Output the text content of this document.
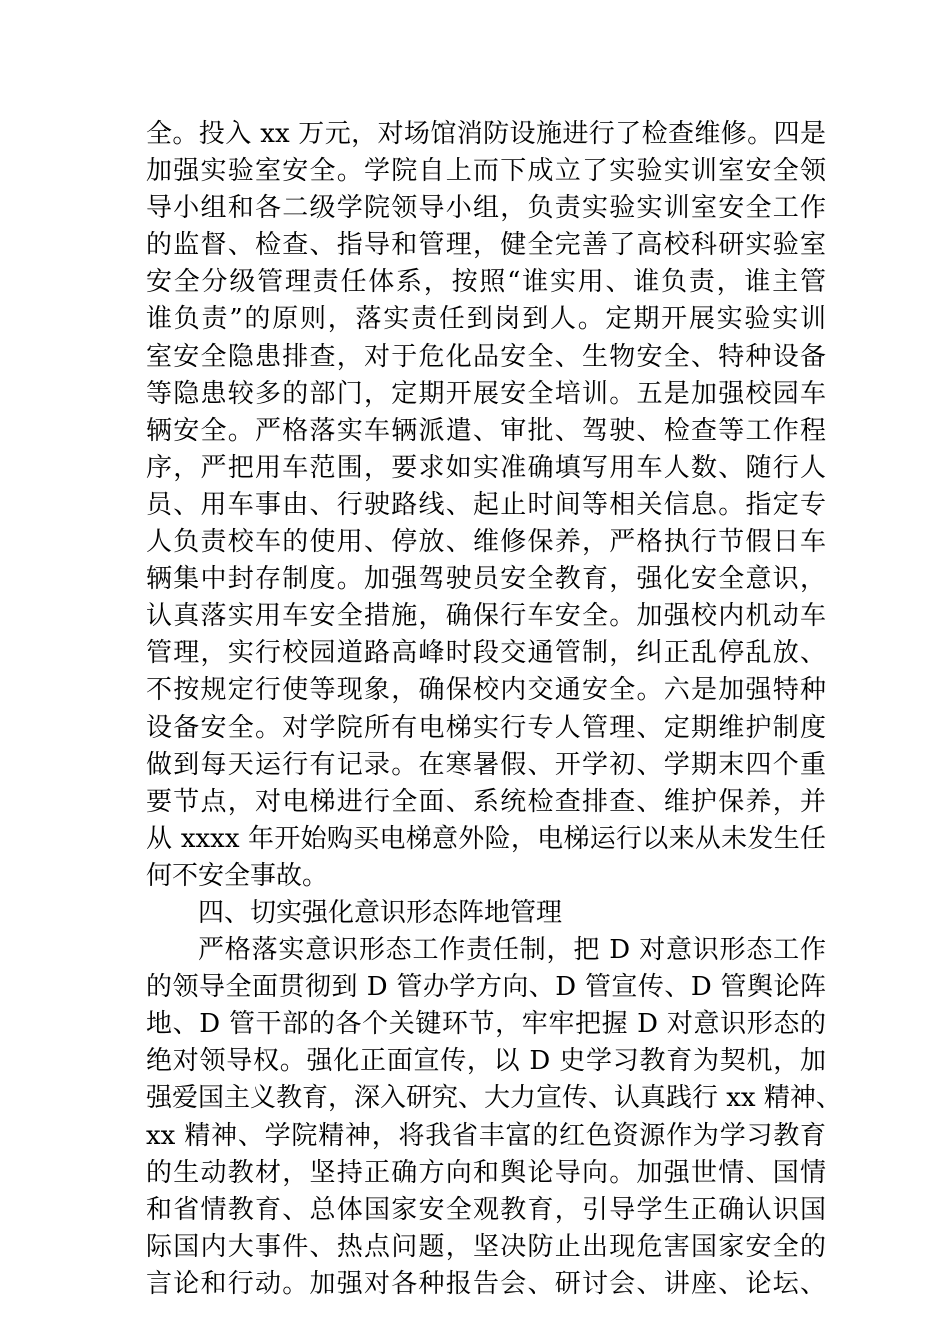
全。投入 xx 万元，对场馆消防设施进行了检查维修。四是
加强实验室安全。学院自上而下成立了实验实训室安全领
导小组和各二级学院领导小组，负责实验实训室安全工作
的监督、检查、指导和管理，健全完善了高校科研实验室
安全分级管理责任体系，按照“谁实用、谁负责，谁主管
谁负责”的原则，落实责任到岗到人。定期开展实验实训
室安全隐患排查，对于危化品安全、生物安全、特种设备
等隐患较多的部门，定期开展安全培训。五是加强校园车
辆安全。严格落实车辆派遣、审批、驾驶、检查等工作程
序，严把用车范围，要求如实准确填写用车人数、随行人
员、用车事由、行驶路线、起止时间等相关信息。指定专
人负责校车的使用、停放、维修保养，严格执行节假日车
辆集中封存制度。加强驾驶员安全教育，强化安全意识，
认真落实用车安全措施，确保行车安全。加强校内机动车
管理，实行校园道路高峰时段交通管制，纠正乱停乱放、
不按规定行使等现象，确保校内交通安全。六是加强特种
设备安全。对学院所有电梯实行专人管理、定期维护制度
做到每天运行有记录。在寒暑假、开学初、学期末四个重
要节点，对电梯进行全面、系统检查排查、维护保养，并
从 xxxx 年开始购买电梯意外险，电梯运行以来从未发生任
何不安全事故。
四、切实强化意识形态阵地管理
严格落实意识形态工作责任制，把 D 对意识形态工作
的领导全面贯彻到 D 管办学方向、D 管宣传、D 管舆论阵
地、D 管干部的各个关键环节，牢牢把握 D 对意识形态的
绝对领导权。强化正面宣传，以 D 史学习教育为契机，加
强爱国主义教育，深入研究、大力宣传、认真践行 xx 精神、
xx 精神、学院精神，将我省丰富的红色资源作为学习教育
的生动教材，坚持正确方向和舆论导向。加强世情、国情
和省情教育、总体国家安全观教育，引导学生正确认识国
际国内大事件、热点问题，坚决防止出现危害国家安全的
言论和行动。加强对各种报告会、研讨会、讲座、论坛、
